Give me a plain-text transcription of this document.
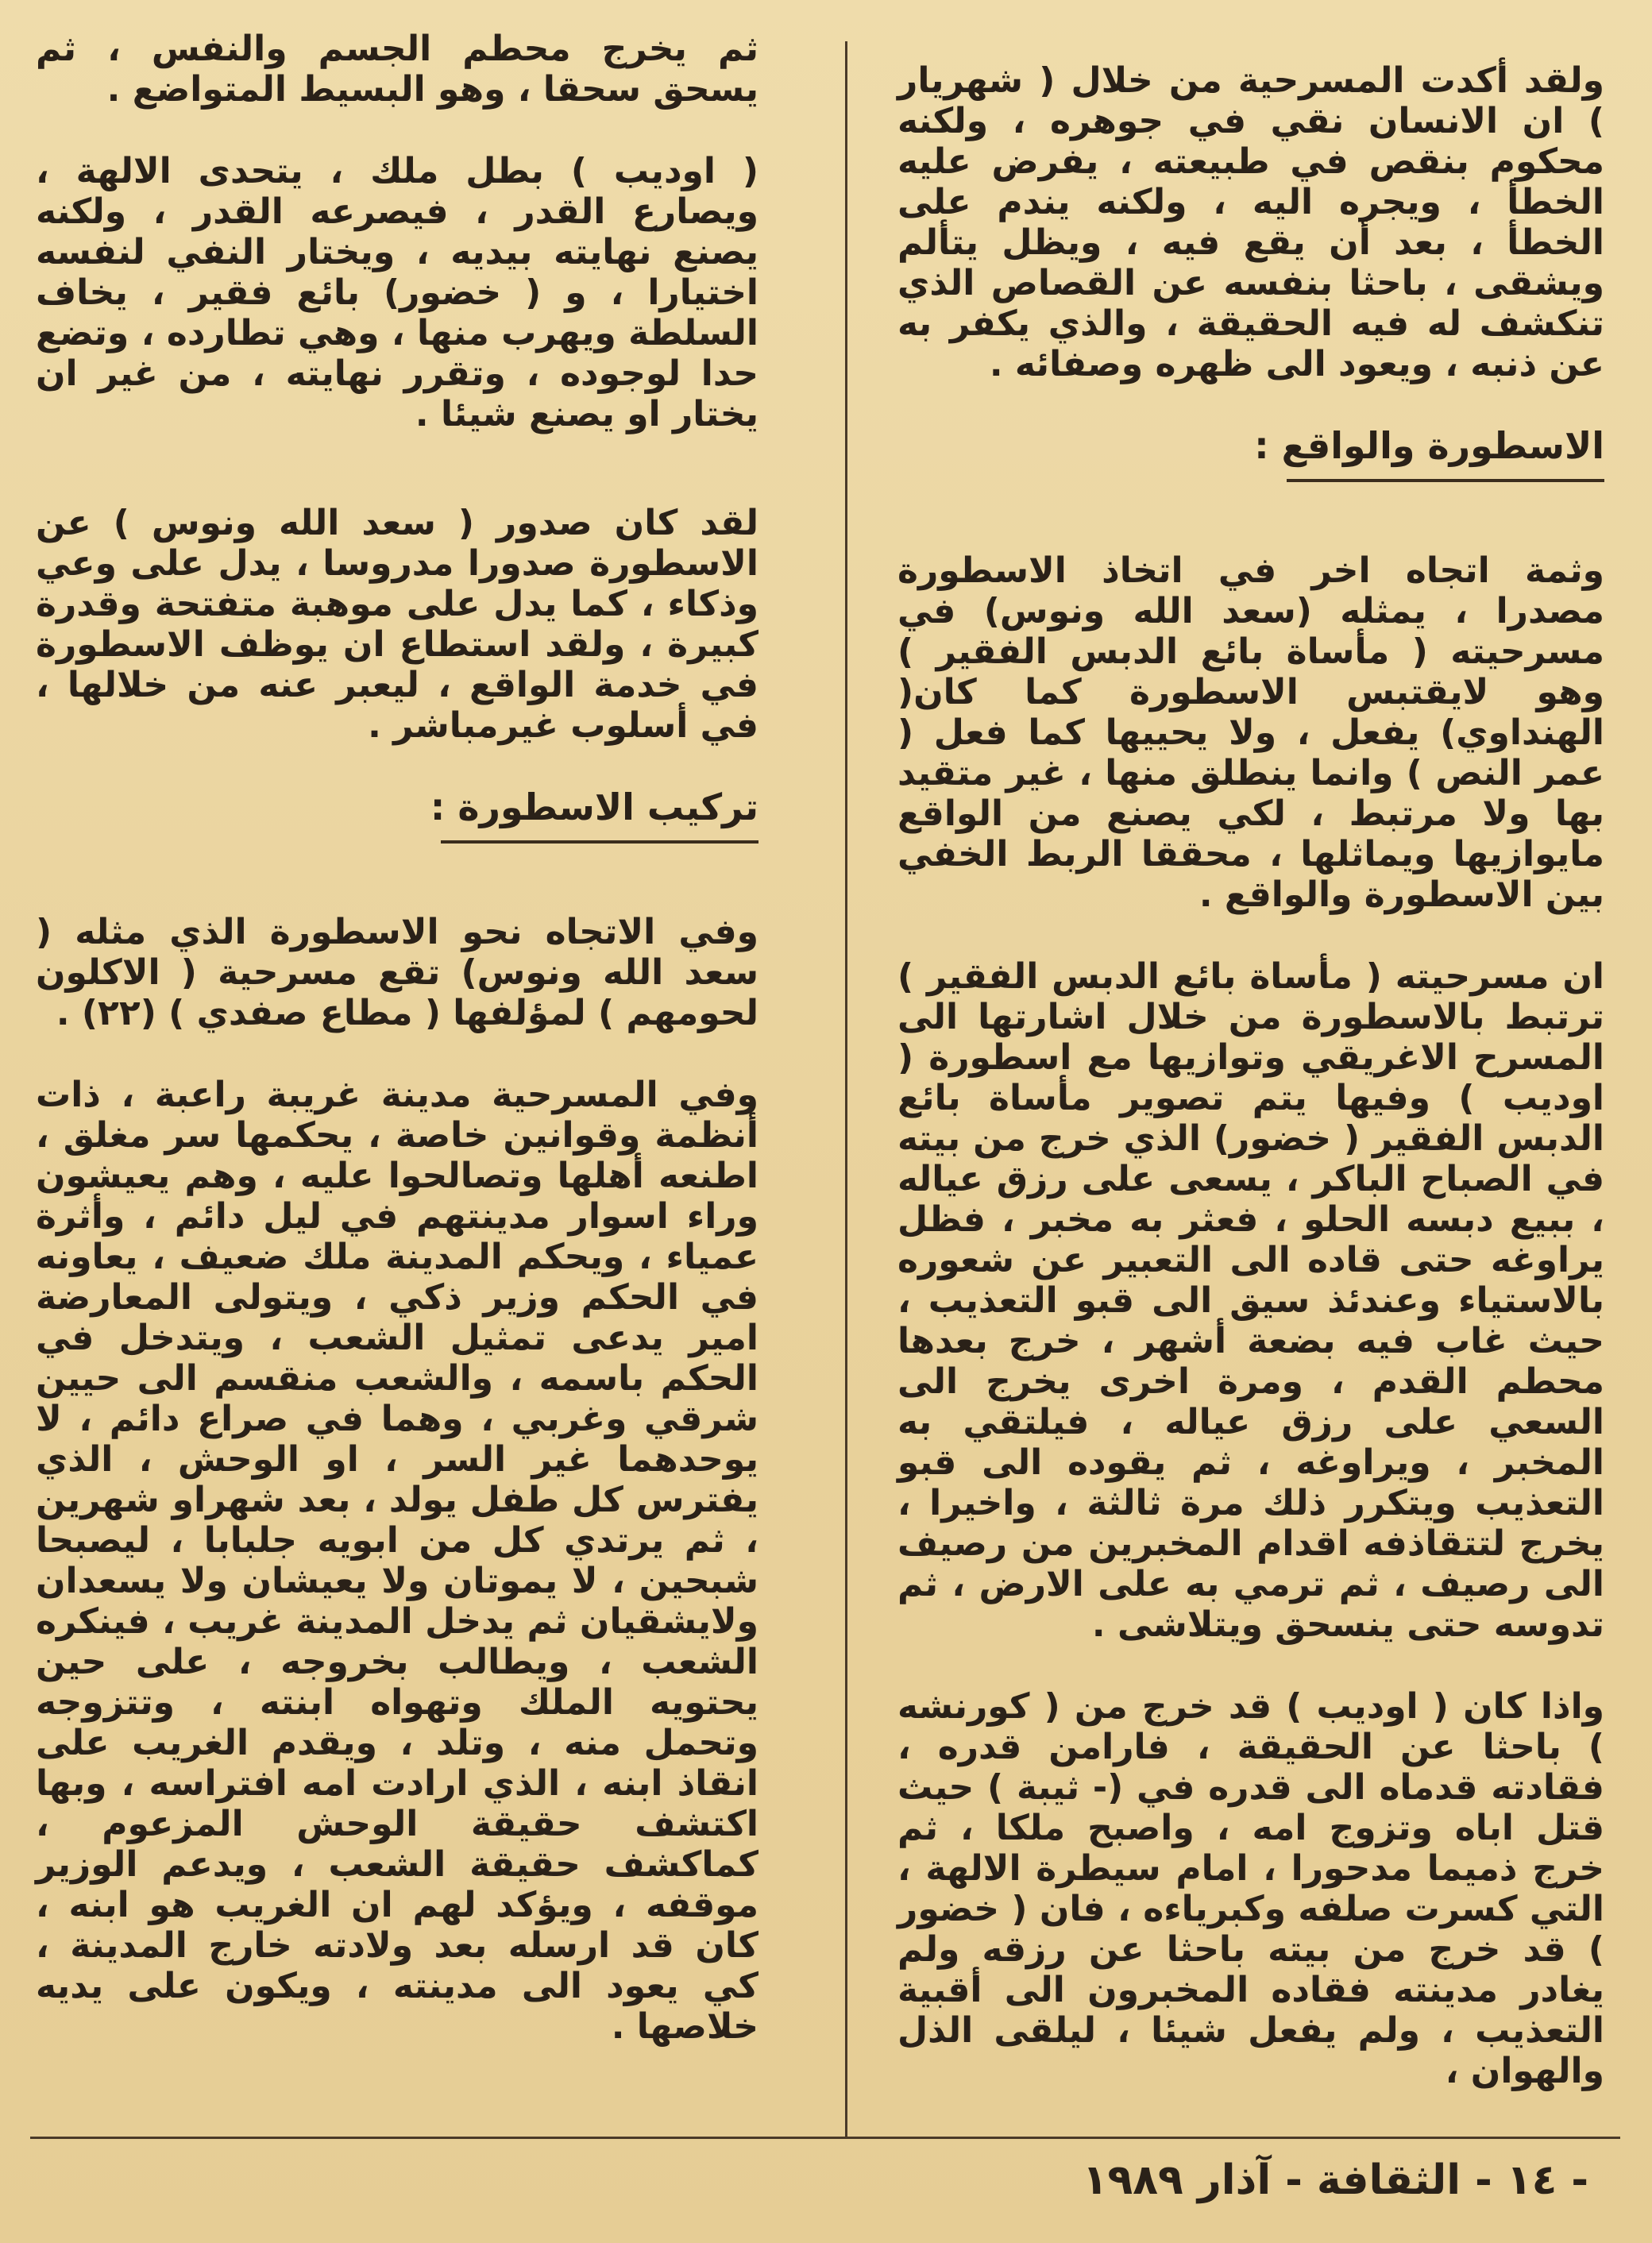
ولقد أكدت المسرحية من خلال ( شهريار ) ان الانسان نقي في جوهره ، ولكنه محكوم بنقص في طبيعته ، يفرض عليه الخطأ ، ويجره اليه ، ولكنه يندم على الخطأ ، بعد أن يقع فيه ، ويظل يتألم ويشقى ، باحثا بنفسه عن القصاص الذي تنكشف له فيه الحقيقة ، والذي يكفر به عن ذنبه ، ويعود الى ظهره وصفائه .

الاسطورة والواقع :

وثمة اتجاه اخر في اتخاذ الاسطورة مصدرا ، يمثله (سعد الله ونوس) في مسرحيته ( مأساة بائع الدبس الفقير ) وهو لايقتبس الاسطورة كما كان( الهنداوي) يفعل ، ولا يحييها كما فعل ( عمر النص ) وانما ينطلق منها ، غير متقيد بها ولا مرتبط ، لكي يصنع من الواقع مايوازيها ويماثلها ، محققا الربط الخفي بين الاسطورة والواقع .

ان مسرحيته ( مأساة بائع الدبس الفقير ) ترتبط بالاسطورة من خلال اشارتها الى المسرح الاغريقي وتوازيها مع اسطورة ( اوديب ) وفيها يتم تصوير مأساة بائع الدبس الفقير ( خضور) الذي خرج من بيته في الصباح الباكر ، يسعى على رزق عياله ، ببيع دبسه الحلو ، فعثر به مخبر ، فظل يراوغه حتى قاده الى التعبير عن شعوره بالاستياء وعندئذ سيق الى قبو التعذيب ، حيث غاب فيه بضعة أشهر ، خرج بعدها محطم القدم ، ومرة اخرى يخرج الى السعي على رزق عياله ، فيلتقي به المخبر ، ويراوغه ، ثم يقوده الى قبو التعذيب ويتكرر ذلك مرة ثالثة ، واخيرا ، يخرج لتتقاذفه اقدام المخبرين من رصيف الى رصيف ، ثم ترمي به على الارض ، ثم تدوسه حتى ينسحق ويتلاشى .

واذا كان ( اوديب ) قد خرج من ( كورنشه ) باحثا عن الحقيقة ، فارامن قدره ، فقادته قدماه الى قدره في (- ثيبة ) حيث قتل اباه وتزوج امه ، واصبح ملكا ، ثم خرج ذميما مدحورا ، امام سيطرة الالهة ، التي كسرت صلفه وكبرياءه ، فان ( خضور ) قد خرج من بيته باحثا عن رزقه ولم يغادر مدينته فقاده المخبرون الى أقبية التعذيب ، ولم يفعل شيئا ، ليلقى الذل والهوان ،

ثم يخرج محطم الجسم والنفس ، ثم يسحق سحقا ، وهو البسيط المتواضع .

( اوديب ) بطل ملك ، يتحدى الالهة ، ويصارع القدر ، فيصرعه القدر ، ولكنه يصنع نهايته بيديه ، ويختار النفي لنفسه اختيارا ، و ( خضور) بائع فقير ، يخاف السلطة ويهرب منها ، وهي تطارده ، وتضع حدا لوجوده ، وتقرر نهايته ، من غير ان يختار او يصنع شيئا .

لقد كان صدور ( سعد الله ونوس ) عن الاسطورة صدورا مدروسا ، يدل على وعي وذكاء ، كما يدل على موهبة متفتحة وقدرة كبيرة ، ولقد استطاع ان يوظف الاسطورة في خدمة الواقع ، ليعبر عنه من خلالها ، في أسلوب غيرمباشر .

تركيب الاسطورة :

وفي الاتجاه نحو الاسطورة الذي مثله ( سعد الله ونوس) تقع مسرحية ( الاكلون لحومهم ) لمؤلفها ( مطاع صفدي ) (٢٢) .

وفي المسرحية مدينة غريبة راعبة ، ذات أنظمة وقوانين خاصة ، يحكمها سر مغلق ، اطنعه أهلها وتصالحوا عليه ، وهم يعيشون وراء اسوار مدينتهم في ليل دائم ، وأثرة عمياء ، ويحكم المدينة ملك ضعيف ، يعاونه في الحكم وزير ذكي ، ويتولى المعارضة امير يدعى تمثيل الشعب ، ويتدخل في الحكم باسمه ، والشعب منقسم الى حيين شرقي وغربي ، وهما في صراع دائم ، لا يوحدهما غير السر ، او الوحش ، الذي يفترس كل طفل يولد ، بعد شهراو شهرين ، ثم يرتدي كل من ابويه جلبابا ، ليصبحا شبحين ، لا يموتان ولا يعيشان ولا يسعدان ولايشقيان ثم يدخل المدينة غريب ، فينكره الشعب ، ويطالب بخروجه ، على حين يحتويه الملك وتهواه ابنته ، وتتزوجه وتحمل منه ، وتلد ، ويقدم الغريب على انقاذ ابنه ، الذي ارادت امه افتراسه ، وبها اكتشف حقيقة الوحش المزعوم ، كماكشف حقيقة الشعب ، ويدعم الوزير موقفه ، ويؤكد لهم ان الغريب هو ابنه ، كان قد ارسله بعد ولادته خارج المدينة ، كي يعود الى مدينته ، ويكون على يديه خلاصها .

- ١٤ - الثقافة - آذار ١٩٨٩
